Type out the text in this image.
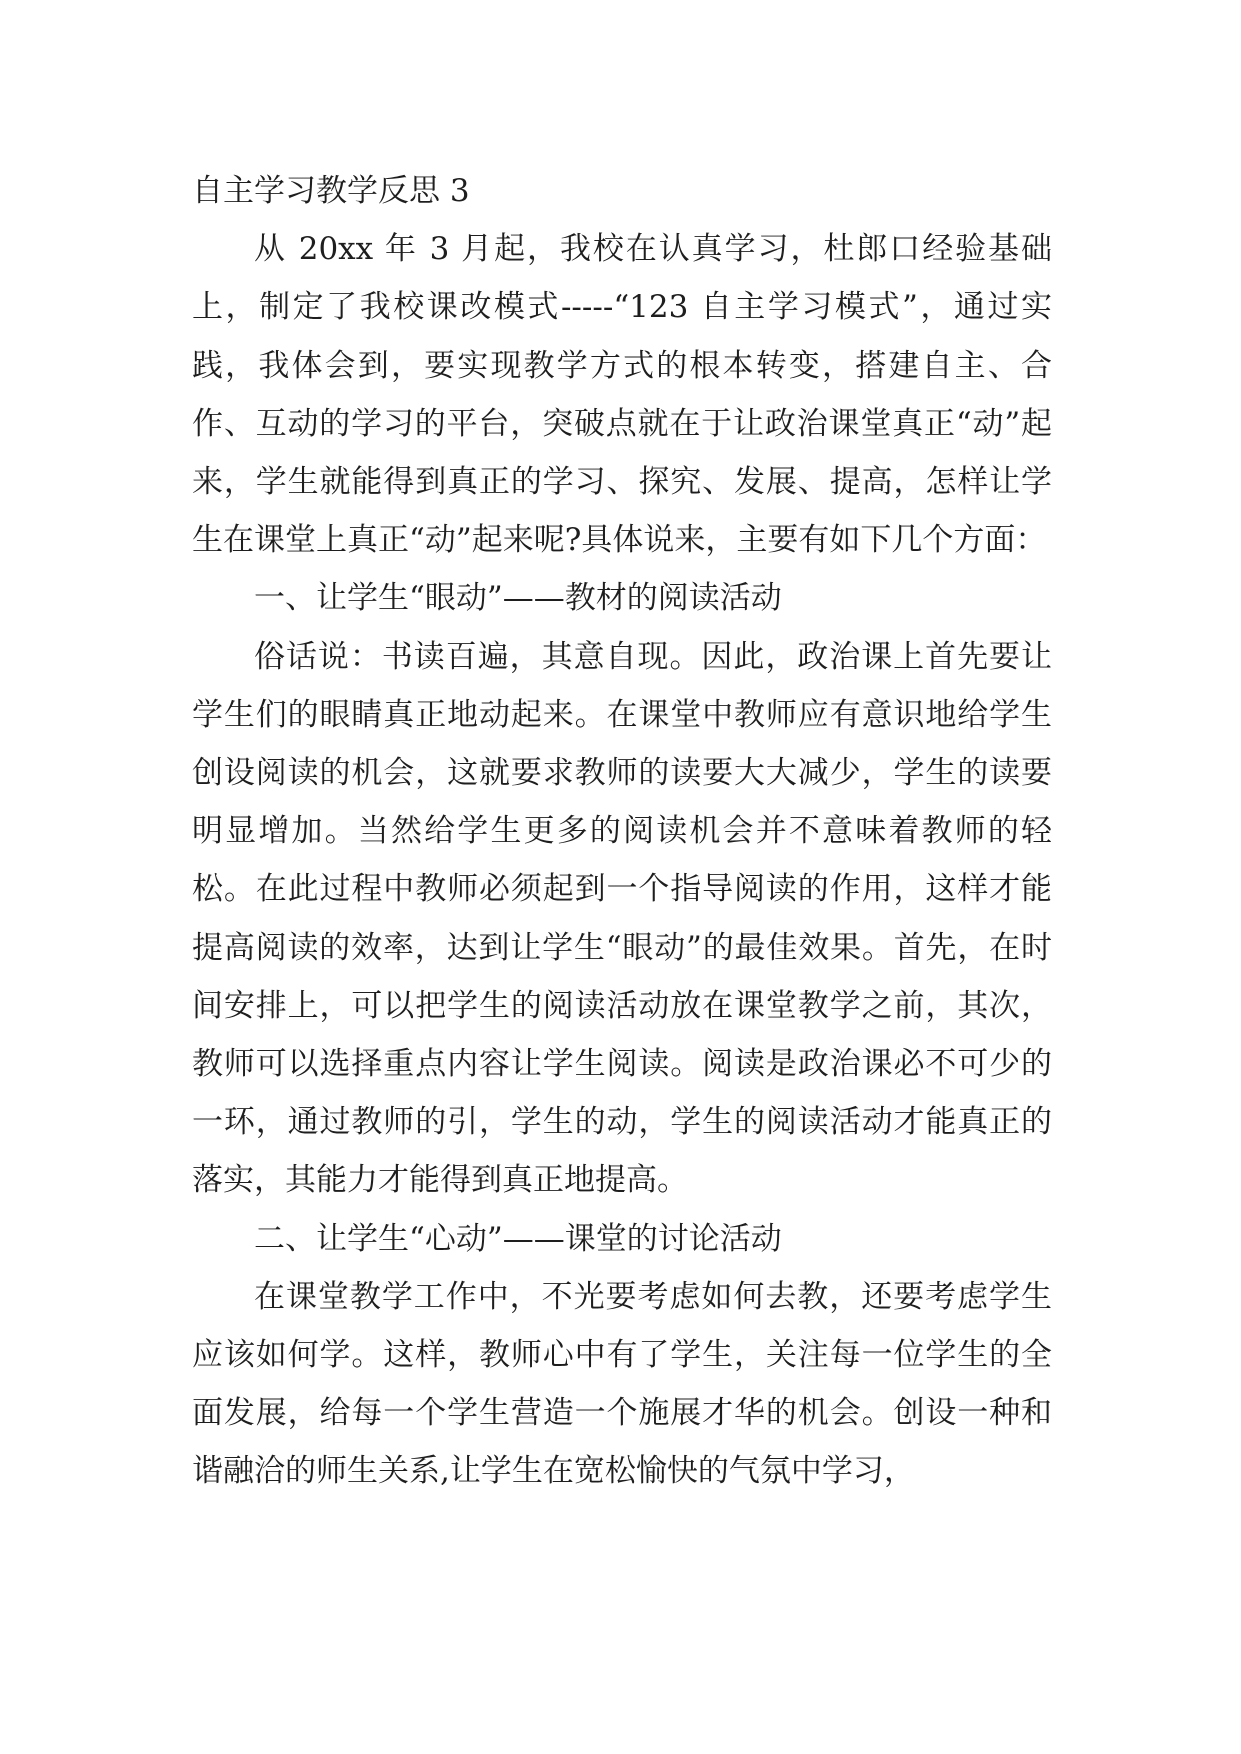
自主学习教学反思 3

从 20xx 年 3 月起，我校在认真学习，杜郎口经验基础上，制定了我校课改模式-----“123 自主学习模式”，通过实践，我体会到，要实现教学方式的根本转变，搭建自主、合作、互动的学习的平台，突破点就在于让政治课堂真正“动”起来，学生就能得到真正的学习、探究、发展、提高，怎样让学生在课堂上真正“动”起来呢?具体说来，主要有如下几个方面：

一、让学生“眼动”——教材的阅读活动

俗话说：书读百遍，其意自现。因此，政治课上首先要让学生们的眼睛真正地动起来。在课堂中教师应有意识地给学生创设阅读的机会，这就要求教师的读要大大减少，学生的读要明显增加。当然给学生更多的阅读机会并不意味着教师的轻松。在此过程中教师必须起到一个指导阅读的作用，这样才能提高阅读的效率，达到让学生“眼动”的最佳效果。首先，在时间安排上，可以把学生的阅读活动放在课堂教学之前，其次，教师可以选择重点内容让学生阅读。阅读是政治课必不可少的一环，通过教师的引，学生的动，学生的阅读活动才能真正的落实，其能力才能得到真正地提高。

二、让学生“心动”——课堂的讨论活动

在课堂教学工作中，不光要考虑如何去教，还要考虑学生应该如何学。这样，教师心中有了学生，关注每一位学生的全面发展，给每一个学生营造一个施展才华的机会。创设一种和谐融洽的师生关系,让学生在宽松愉快的气氛中学习，
